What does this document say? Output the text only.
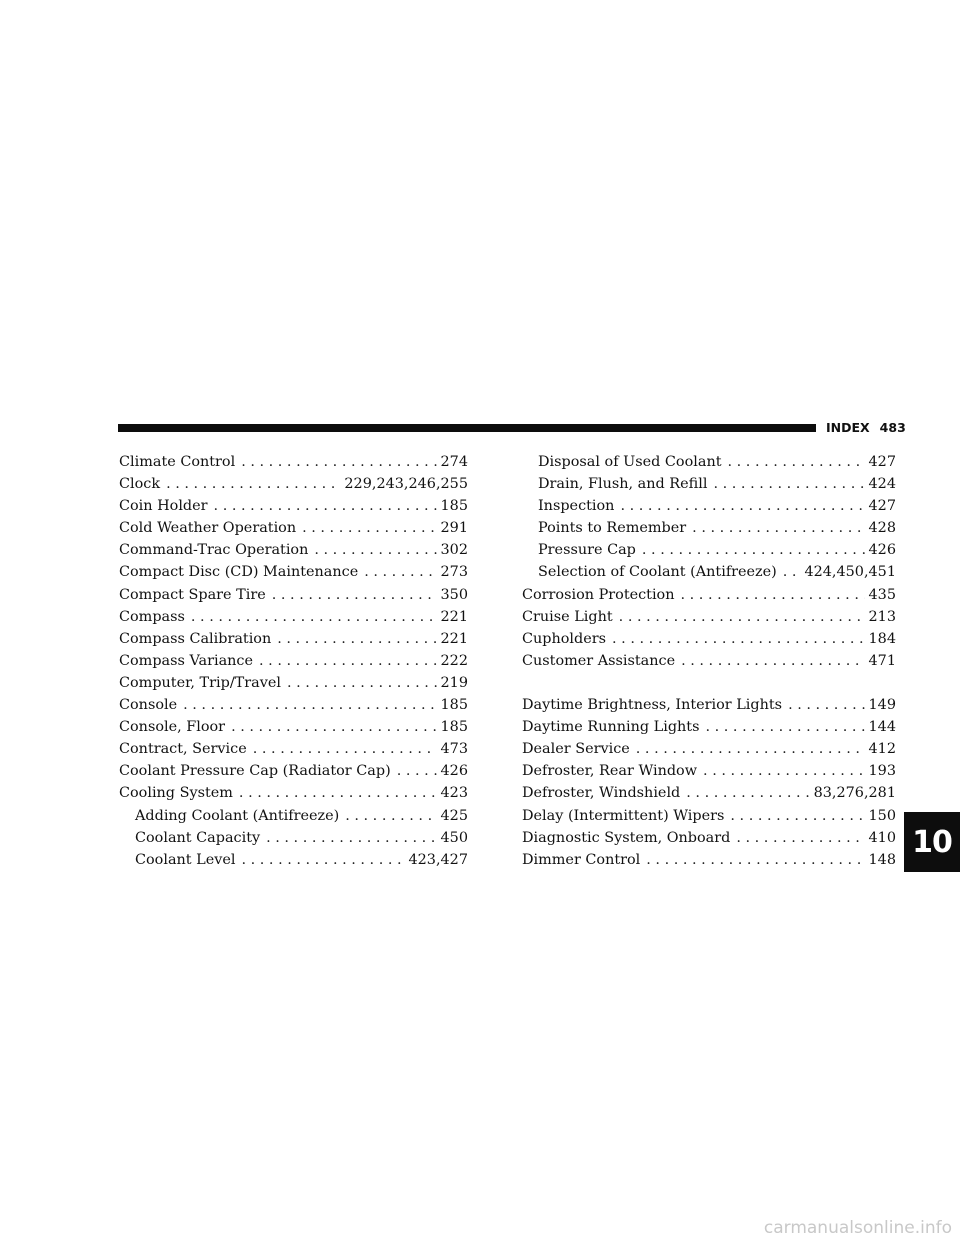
INDEX 483
Climate Control . . .	274
Clock . . .	229,243,246,255
Coin Holder . . .	185
Cold Weather Operation . . .	291
Command-Trac Operation . . .	302
Compact Disc (CD) Maintenance . . .	273
Compact Spare Tire . . .	350
Compass . . .	221
Compass Calibration . . .	221
Compass Variance . . .	222
Computer, Trip/Travel . . .	219
Console . . .	185
Console, Floor . . .	185
Contract, Service . . .	473
Coolant Pressure Cap (Radiator Cap) . . .	426
Cooling System . . .	423
Adding Coolant (Antifreeze) . . .	425
Coolant Capacity . . .	450
Coolant Level . . .	423,427
Disposal of Used Coolant . . .	427
Drain, Flush, and Refill . . .	424
Inspection . . .	427
Points to Remember . . .	428
Pressure Cap . . .	426
Selection of Coolant (Antifreeze) . . . 424,450,451
Corrosion Protection . . .	435
Cruise Light . . .	213
Cupholders . . .	184
Customer Assistance . . .	471
Daytime Brightness, Interior Lights . . .	149
Daytime Running Lights . . .	144
Dealer Service . . .	412
Defroster, Rear Window . . .	193
Defroster, Windshield . . .	83,276,281
Delay (Intermittent) Wipers . . .	150
Diagnostic System, Onboard . . .	410
Dimmer Control . . .	148
10
carmanualsonline.info
